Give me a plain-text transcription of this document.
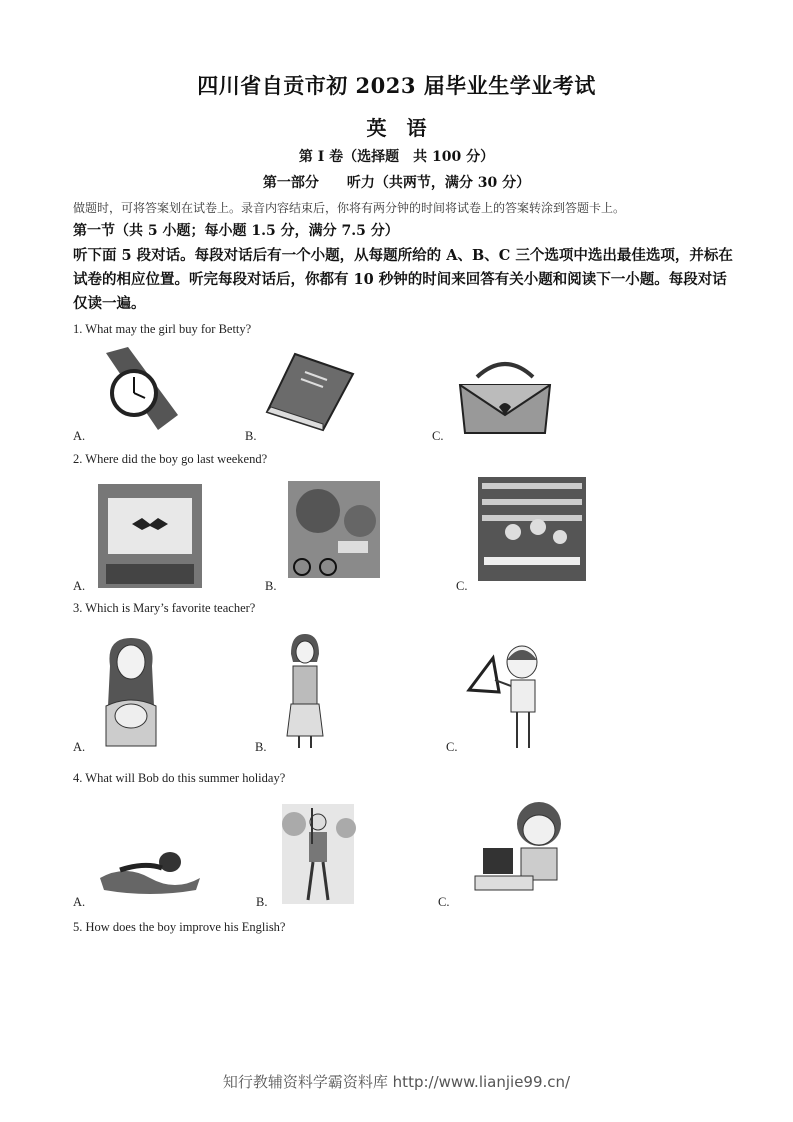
四川省自贡市初 2023 届毕业生学业考试
英　语
第 I 卷（选择题　共 100 分）
第一部分　　听力（共两节，满分 30 分）
做题时，可将答案划在试卷上。录音内容结束后，你将有两分钟的时间将试卷上的答案转涂到答题卡上。
第一节（共 5 小题；每小题 1.5 分，满分 7.5 分）
听下面 5 段对话。每段对话后有一个小题，从每题所给的 A、B、C 三个选项中选出最佳选项，并标在试卷的相应位置。听完每段对话后，你都有 10 秒钟的时间来回答有关小题和阅读下一小题。每段对话仅读一遍。
1. What may the girl buy for Betty?
A.	B.	C.
2. Where did the boy go last weekend?
A.	B.	C.
3. Which is Mary’s favorite teacher?
A.	B.	C.
4. What will Bob do this summer holiday?
A.	B.	C.
5. How does the boy improve his English?
知行教辅资料学霸资料库 http://www.lianjie99.cn/
